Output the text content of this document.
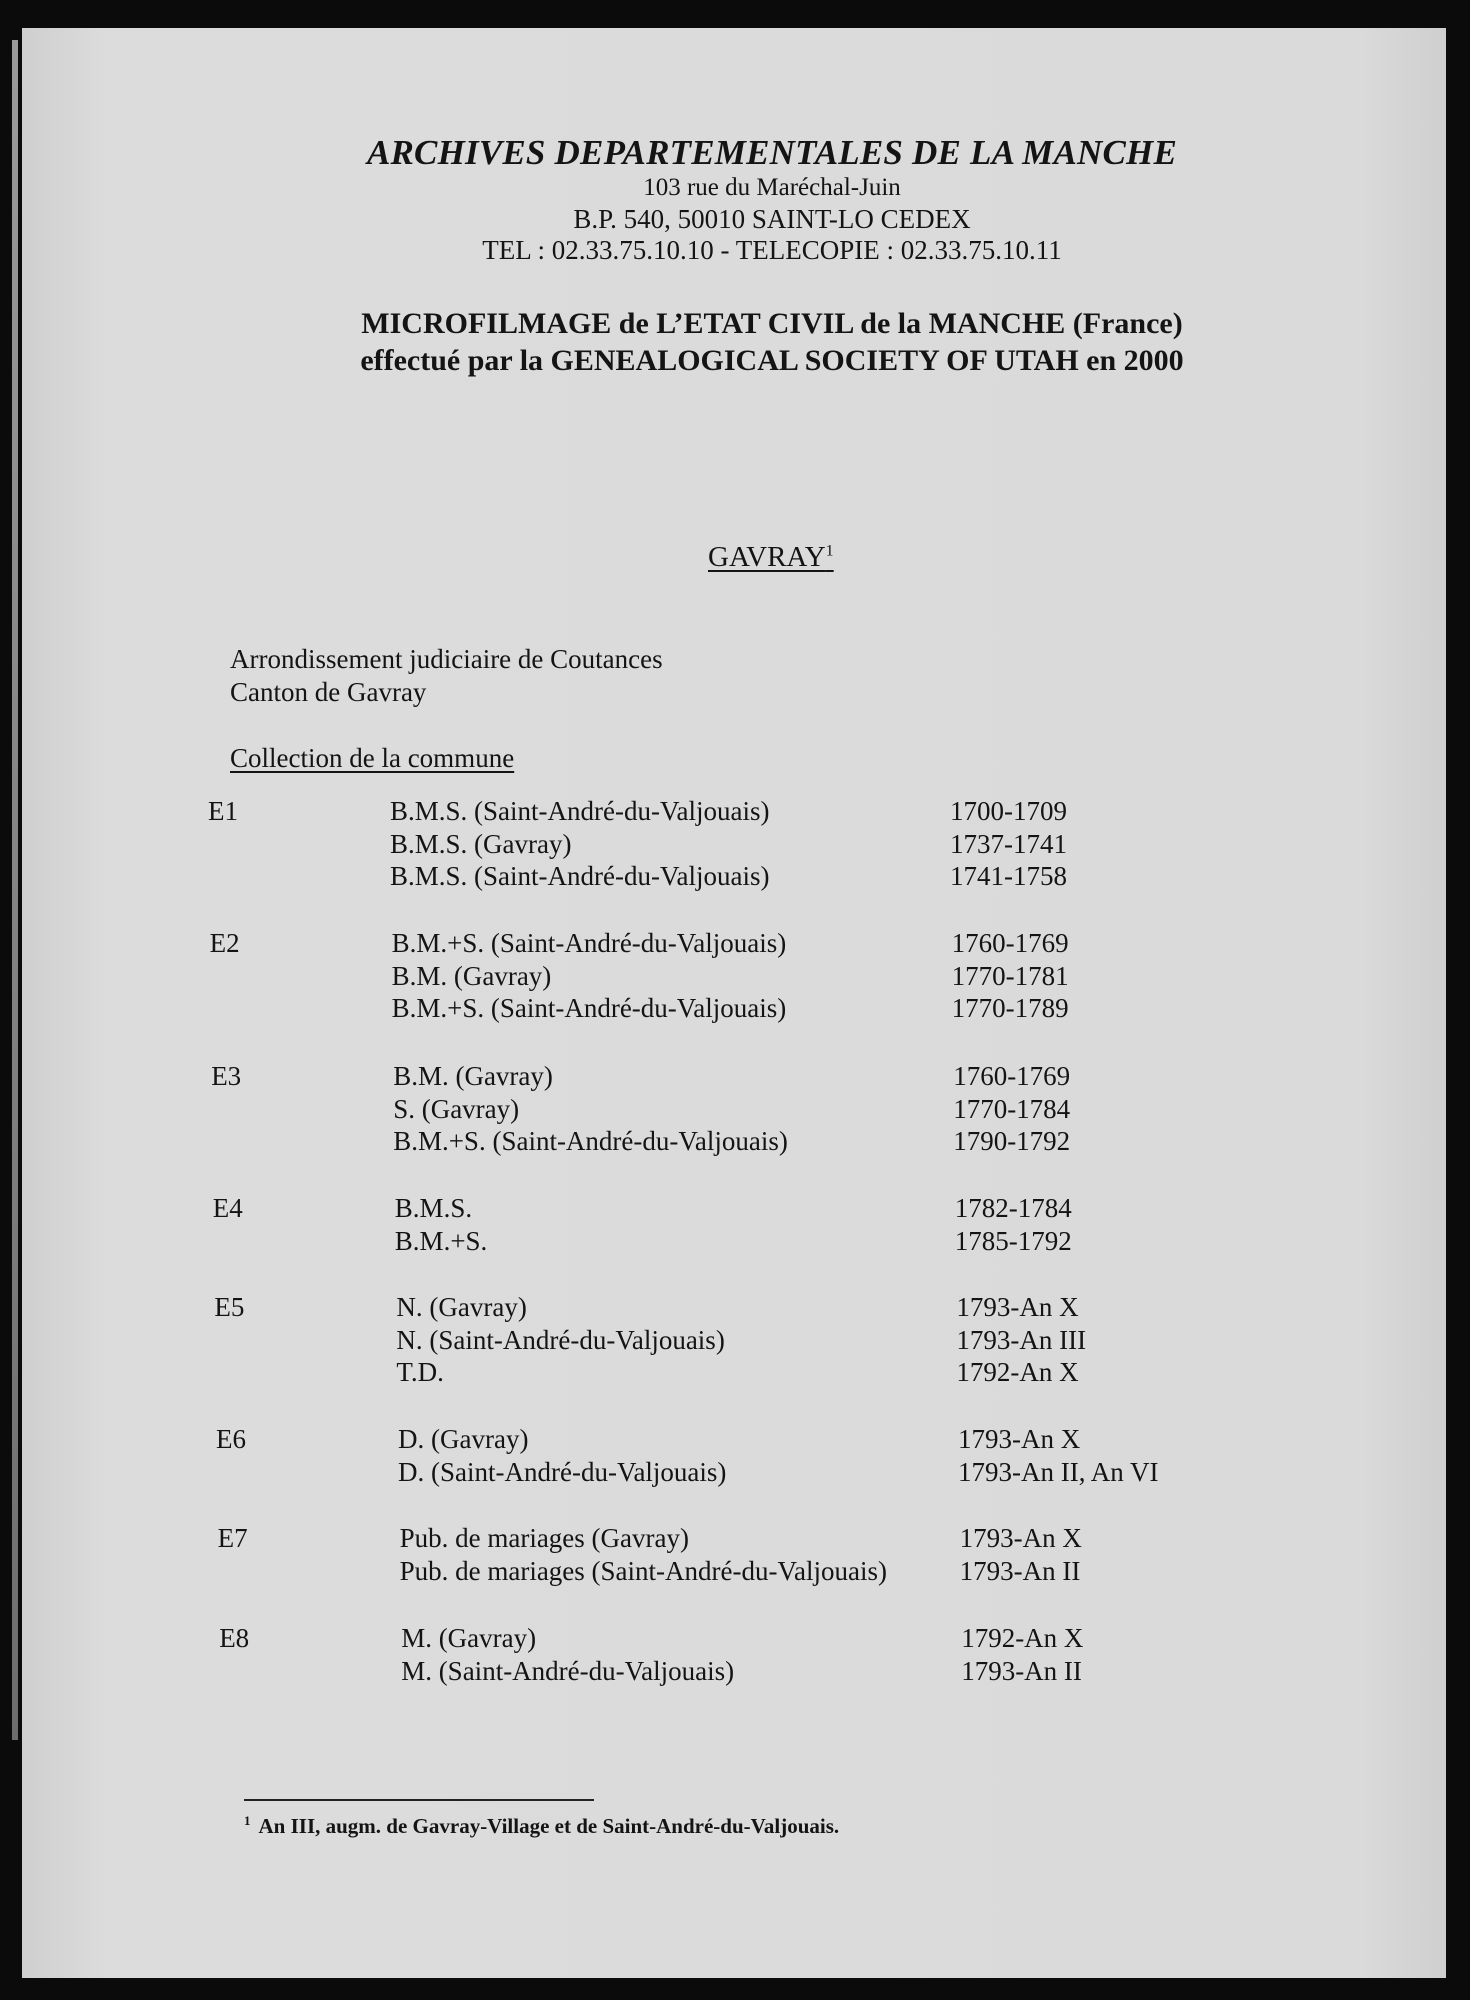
ARCHIVES DEPARTEMENTALES DE LA MANCHE
103 rue du Maréchal-Juin
B.P. 540, 50010 SAINT-LO CEDEX
TEL : 02.33.75.10.10 - TELECOPIE : 02.33.75.10.11
MICROFILMAGE de L’ETAT CIVIL de la MANCHE (France)
effectué par la GENEALOGICAL SOCIETY OF UTAH en 2000
GAVRAY$^1$
Arrondissement judiciaire de Coutances
Canton de Gavray
Collection de la commune
E1	B.M.S. (Saint-André-du-Valjouais)	1700-1709
B.M.S. (Gavray)	1737-1741
B.M.S. (Saint-André-du-Valjouais)	1741-1758
E2	B.M.+S. (Saint-André-du-Valjouais)	1760-1769
B.M. (Gavray)	1770-1781
B.M.+S. (Saint-André-du-Valjouais)	1770-1789
E3	B.M. (Gavray)	1760-1769
S. (Gavray)	1770-1784
B.M.+S. (Saint-André-du-Valjouais)	1790-1792
E4	B.M.S.	1782-1784
B.M.+S.	1785-1792
E5	N. (Gavray)	1793-An X
N. (Saint-André-du-Valjouais)	1793-An III
T.D.	1792-An X
E6	D. (Gavray)	1793-An X
D. (Saint-André-du-Valjouais)	1793-An II, An VI
E7	Pub. de mariages (Gavray)	1793-An X
Pub. de mariages (Saint-André-du-Valjouais)	1793-An II
E8	M. (Gavray)	1792-An X
M. (Saint-André-du-Valjouais)	1793-An II
$^1$ An III, augm. de Gavray-Village et de Saint-André-du-Valjouais.
